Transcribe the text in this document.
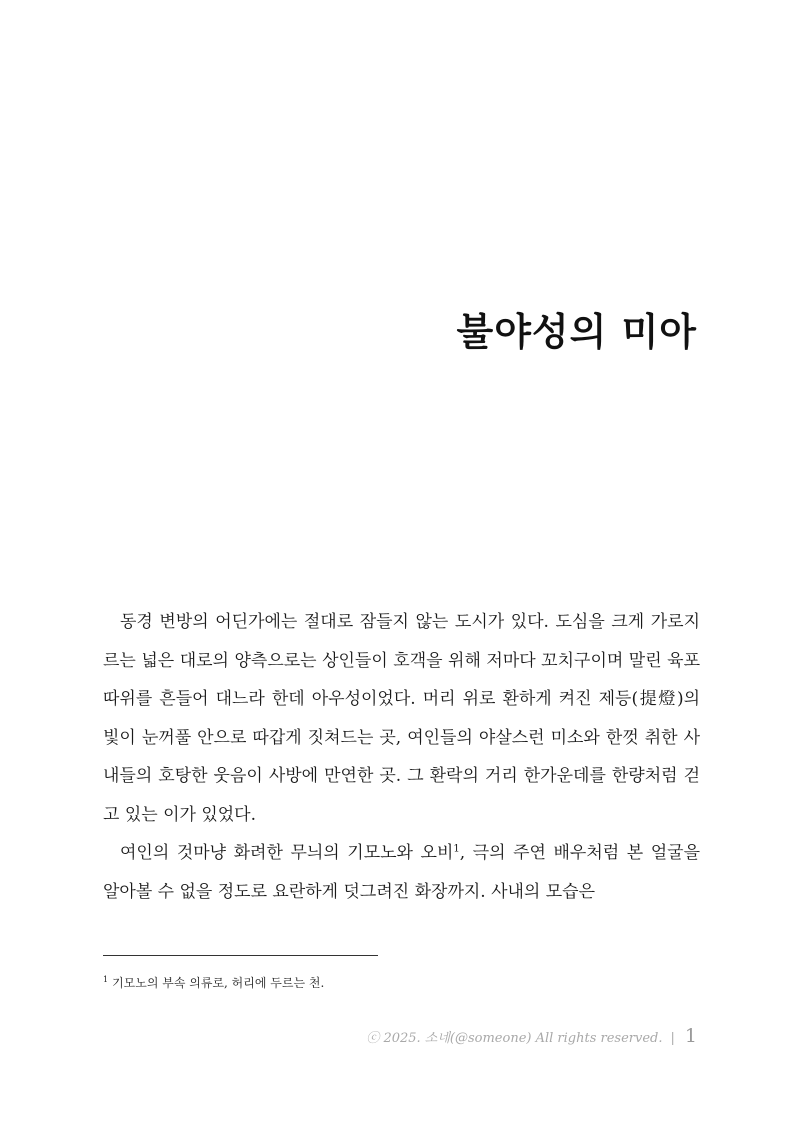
불야성의 미아

동경 변방의 어딘가에는 절대로 잠들지 않는 도시가 있다. 도심을 크게 가로지르는 넓은 대로의 양측으로는 상인들이 호객을 위해 저마다 꼬치구이며 말린 육포 따위를 흔들어 대느라 한데 아우성이었다. 머리 위로 환하게 켜진 제등(提燈)의 빛이 눈꺼풀 안으로 따갑게 짓쳐드는 곳, 여인들의 야살스런 미소와 한껏 취한 사내들의 호탕한 웃음이 사방에 만연한 곳. 그 환락의 거리 한가운데를 한량처럼 걷고 있는 이가 있었다.

여인의 것마냥 화려한 무늬의 기모노와 오비$^1$, 극의 주연 배우처럼 본 얼굴을 알아볼 수 없을 정도로 요란하게 덧그려진 화장까지. 사내의 모습은

$^1$ 기모노의 부속 의류로, 허리에 두르는 천.
ⓒ 2025. 소네(@someone) All rights reserved. | 1
